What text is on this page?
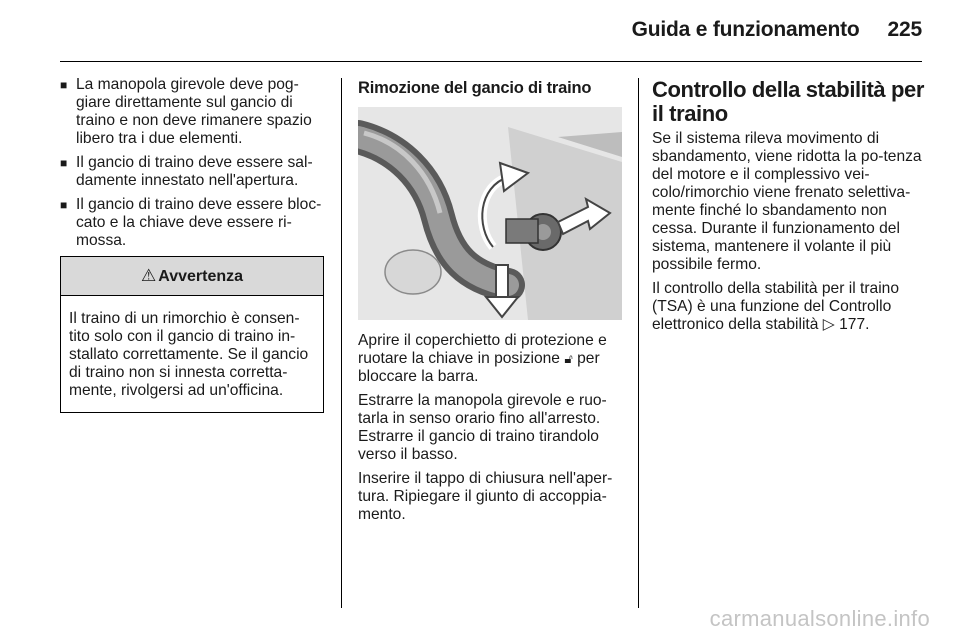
Guida e funzionamento 225
■ La manopola girevole deve pog-giare direttamente sul gancio di traino e non deve rimanere spazio libero tra i due elementi.
■ Il gancio di traino deve essere sal-damente innestato nell'apertura.
■ Il gancio di traino deve essere bloc-cato e la chiave deve essere ri-mossa.
⚠ Avvertenza
Il traino di un rimorchio è consen-tito solo con il gancio di traino in-stallato correttamente. Se il gancio di traino non si innesta corretta-mente, rivolgersi ad un'officina.
Rimozione del gancio di traino

Aprire il coperchietto di protezione e ruotare la chiave in posizione 🔓︎ per bloccare la barra.

Estrarre la manopola girevole e ruo-tarla in senso orario fino all'arresto. Estrarre il gancio di traino tirandolo verso il basso.

Inserire il tappo di chiusura nell'aper-tura. Ripiegare il giunto di accoppia-mento.

Controllo della stabilità per il traino

Se il sistema rileva movimento di sbandamento, viene ridotta la po-tenza del motore e il complessivo vei-colo/rimorchio viene frenato selettiva-mente finché lo sbandamento non cessa. Durante il funzionamento del sistema, mantenere il volante il più possibile fermo.

Il controllo della stabilità per il traino (TSA) è una funzione del Controllo elettronico della stabilità ▷ 177.

carmanualsonline.info
